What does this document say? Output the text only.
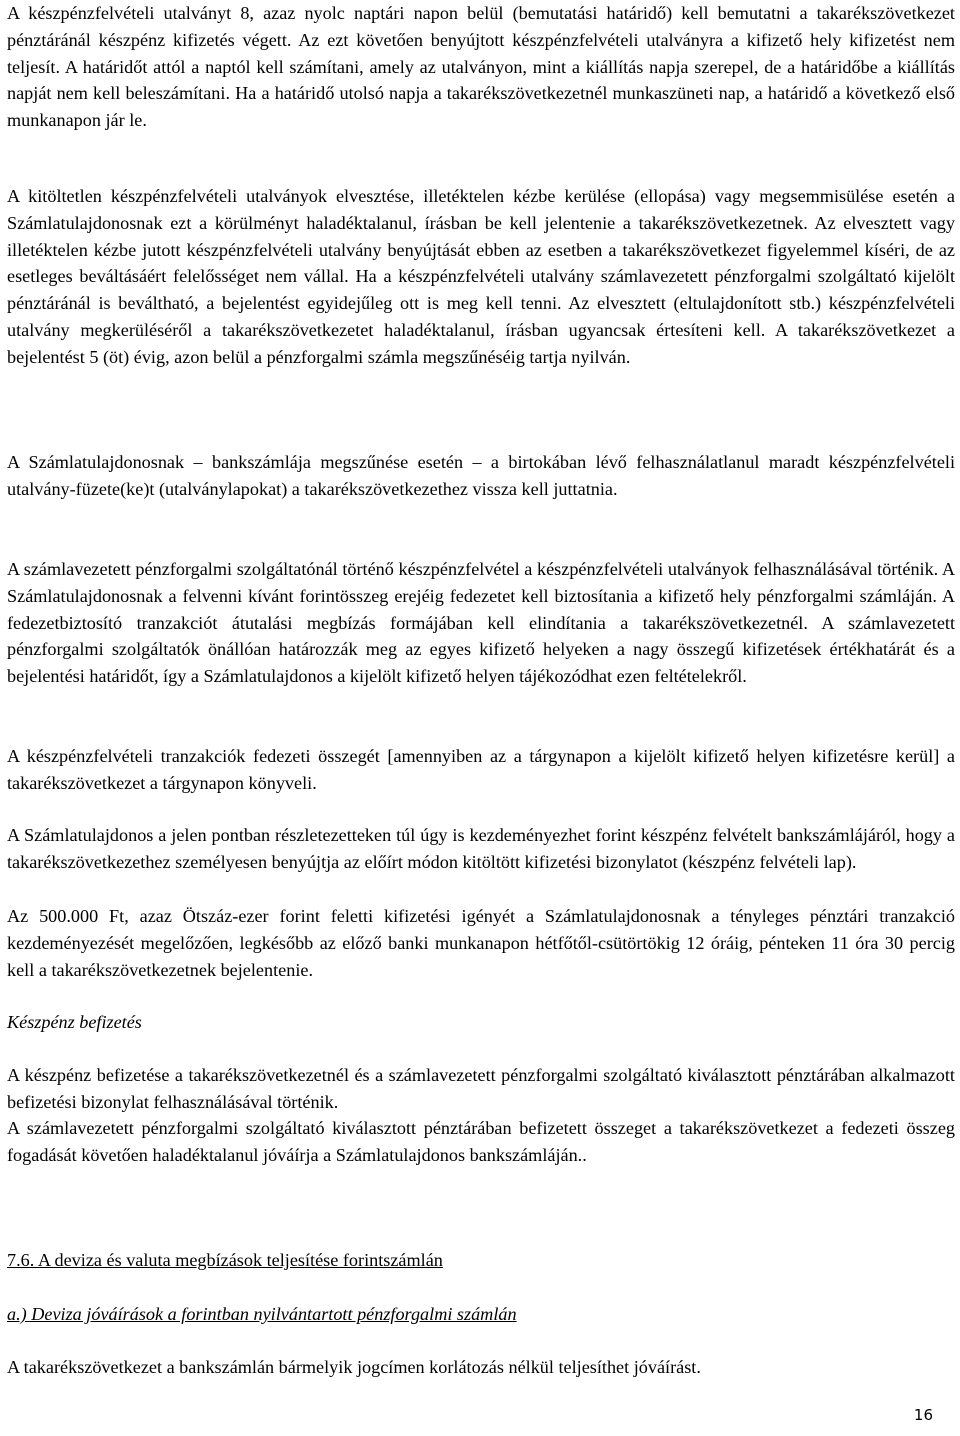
A készpénzfelvételi utalványt 8, azaz nyolc naptári napon belül (bemutatási határidő) kell bemutatni a takarékszövetkezet pénztáránál készpénz kifizetés végett. Az ezt követően benyújtott készpénzfelvételi utalványra a kifizető hely kifizetést nem teljesít. A határidőt attól a naptól kell számítani, amely az utalványon, mint a kiállítás napja szerepel, de a határidőbe a kiállítás napját nem kell beleszámítani. Ha a határidő utolsó napja a takarékszövetkezetnél munkaszüneti nap, a határidő a következő első munkanapon jár le.

A kitöltetlen készpénzfelvételi utalványok elvesztése, illetéktelen kézbe kerülése (ellopása) vagy megsemmisülése esetén a Számlatulajdonosnak ezt a körülményt haladéktalanul, írásban be kell jelentenie a takarékszövetkezetnek. Az elvesztett vagy illetéktelen kézbe jutott készpénzfelvételi utalvány benyújtását ebben az esetben a takarékszövetkezet figyelemmel kíséri, de az esetleges beváltásáért felelősséget nem vállal. Ha a készpénzfelvételi utalvány számlavezetett pénzforgalmi szolgáltató kijelölt pénztáránál is beváltható, a bejelentést egyidejűleg ott is meg kell tenni. Az elvesztett (eltulajdonított stb.) készpénzfelvételi utalvány megkerüléséről a takarékszövetkezetet haladéktalanul, írásban ugyancsak értesíteni kell. A takarékszövetkezet a bejelentést 5 (öt) évig, azon belül a pénzforgalmi számla megszűnéséig tartja nyilván.

A Számlatulajdonosnak – bankszámlája megszűnése esetén – a birtokában lévő felhasználatlanul maradt készpénzfelvételi utalvány-füzete(ke)t (utalványlapokat) a takarékszövetkezethez vissza kell juttatnia.

A számlavezetett pénzforgalmi szolgáltatónál történő készpénzfelvétel a készpénzfelvételi utalványok felhasználásával történik. A Számlatulajdonosnak a felvenni kívánt forintösszeg erejéig fedezetet kell biztosítania a kifizető hely pénzforgalmi számláján. A fedezetbiztosító tranzakciót átutalási megbízás formájában kell elindítania a takarékszövetkezetnél. A számlavezetett pénzforgalmi szolgáltatók önállóan határozzák meg az egyes kifizető helyeken a nagy összegű kifizetések értékhatárát és a bejelentési határidőt, így a Számlatulajdonos a kijelölt kifizető helyen tájékozódhat ezen feltételekről.

A készpénzfelvételi tranzakciók fedezeti összegét [amennyiben az a tárgynapon a kijelölt kifizető helyen kifizetésre kerül] a takarékszövetkezet a tárgynapon könyveli.

A Számlatulajdonos a jelen pontban részletezetteken túl úgy is kezdeményezhet forint készpénz felvételt bankszámlájáról, hogy a takarékszövetkezethez személyesen benyújtja az előírt módon kitöltött kifizetési bizonylatot (készpénz felvételi lap).

Az 500.000 Ft, azaz Ötszáz-ezer forint feletti kifizetési igényét a Számlatulajdonosnak a tényleges pénztári tranzakció kezdeményezését megelőzően, legkésőbb az előző banki munkanapon hétfőtől-csütörtökig 12 óráig, pénteken 11 óra 30 percig kell a takarékszövetkezetnek bejelentenie.

Készpénz befizetés

A készpénz befizetése a takarékszövetkezetnél és a számlavezetett pénzforgalmi szolgáltató kiválasztott pénztárában alkalmazott befizetési bizonylat felhasználásával történik.

A számlavezetett pénzforgalmi szolgáltató kiválasztott pénztárában befizetett összeget a takarékszövetkezet a fedezeti összeg fogadását követően haladéktalanul jóváírja a Számlatulajdonos bankszámláján..

7.6. A deviza és valuta megbízások teljesítése forintszámlán

a.) Deviza jóváírások a forintban nyilvántartott pénzforgalmi számlán

A takarékszövetkezet a bankszámlán bármelyik jogcímen korlátozás nélkül teljesíthet jóváírást.

16
